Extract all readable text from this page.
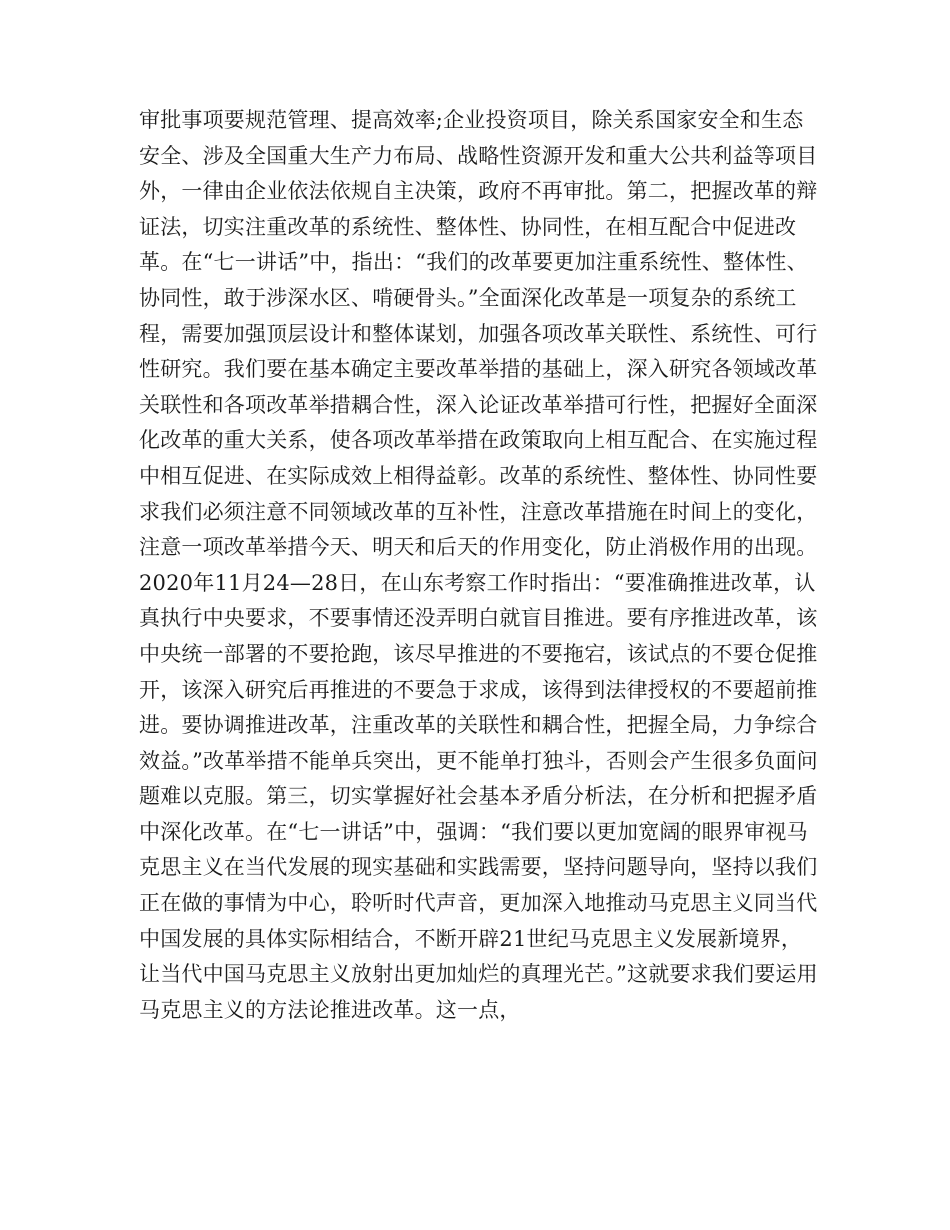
审批事项要规范管理、提高效率;企业投资项目，除关系国家安全和生态安全、涉及全国重大生产力布局、战略性资源开发和重大公共利益等项目外，一律由企业依法依规自主决策，政府不再审批。第二，把握改革的辩证法，切实注重改革的系统性、整体性、协同性，在相互配合中促进改革。在“七一讲话”中，指出：“我们的改革要更加注重系统性、整体性、协同性，敢于涉深水区、啃硬骨头。”全面深化改革是一项复杂的系统工程，需要加强顶层设计和整体谋划，加强各项改革关联性、系统性、可行性研究。我们要在基本确定主要改革举措的基础上，深入研究各领域改革关联性和各项改革举措耦合性，深入论证改革举措可行性，把握好全面深化改革的重大关系，使各项改革举措在政策取向上相互配合、在实施过程中相互促进、在实际成效上相得益彰。改革的系统性、整体性、协同性要求我们必须注意不同领域改革的互补性，注意改革措施在时间上的变化，注意一项改革举措今天、明天和后天的作用变化，防止消极作用的出现。

2020年11月24—28日，在山东考察工作时指出：“要准确推进改革，认真执行中央要求，不要事情还没弄明白就盲目推进。要有序推进改革，该中央统一部署的不要抢跑，该尽早推进的不要拖宕，该试点的不要仓促推开，该深入研究后再推进的不要急于求成，该得到法律授权的不要超前推进。要协调推进改革，注重改革的关联性和耦合性，把握全局，力争综合效益。”改革举措不能单兵突出，更不能单打独斗，否则会产生很多负面问题难以克服。第三，切实掌握好社会基本矛盾分析法，在分析和把握矛盾中深化改革。在“七一讲话”中，强调：“我们要以更加宽阔的眼界审视马克思主义在当代发展的现实基础和实践需要，坚持问题导向，坚持以我们正在做的事情为中心，聆听时代声音，更加深入地推动马克思主义同当代中国发展的具体实际相结合，不断开辟21世纪马克思主义发展新境界，让当代中国马克思主义放射出更加灿烂的真理光芒。”这就要求我们要运用马克思主义的方法论推进改革。这一点，
